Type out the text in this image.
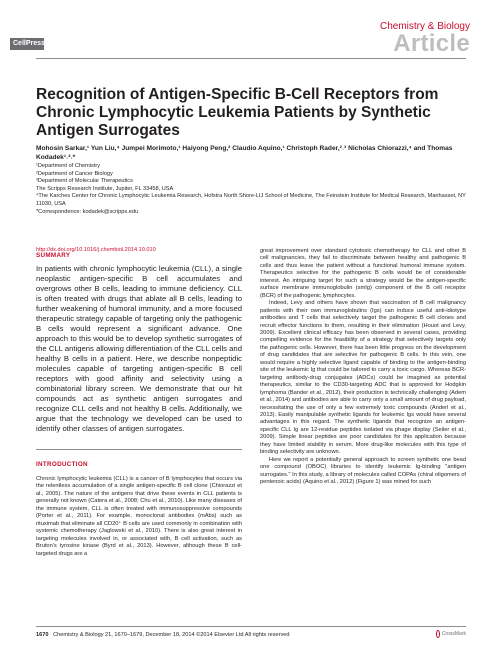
CellPress
Chemistry & Biology
Article
Recognition of Antigen-Specific B-Cell Receptors from Chronic Lymphocytic Leukemia Patients by Synthetic Antigen Surrogates
Mohosin Sarkar,¹ Yun Liu,⁴ Jumpei Morimoto,¹ Haiyong Peng,² Claudio Aquino,¹ Christoph Rader,²˒³ Nicholas Chiorazzi,⁴ and Thomas Kodadek¹˒²˒*
¹Department of Chemistry
²Department of Cancer Biology
³Department of Molecular Therapeutics
The Scripps Research Institute, Jupiter, FL 33458, USA
⁴The Karches Center for Chronic Lymphocytic Leukemia Research, Hofstra North Shore-LIJ School of Medicine, The Feinstein Institute for Medical Research, Manhasset, NY 11030, USA
*Correspondence: kodadek@scripps.edu
http://dx.doi.org/10.1016/j.chembiol.2014.10.010
SUMMARY
In patients with chronic lymphocytic leukemia (CLL), a single neoplastic antigen-specific B cell accumulates and overgrows other B cells, leading to immune deficiency. CLL is often treated with drugs that ablate all B cells, leading to further weakening of humoral immunity, and a more focused therapeutic strategy capable of targeting only the pathogenic B cells would represent a significant advance. One approach to this would be to develop synthetic surrogates of the CLL antigens allowing differentiation of the CLL cells and healthy B cells in a patient. Here, we describe nonpeptidic molecules capable of targeting antigen-specific B cell receptors with good affinity and selectivity using a combinatorial library screen. We demonstrate that our hit compounds act as synthetic antigen surrogates and recognize CLL cells and not healthy B cells. Additionally, we argue that the technology we developed can be used to identify other classes of antigen surrogates.
INTRODUCTION

Chronic lymphocytic leukemia (CLL) is a cancer of B lymphocytes that occurs via the relentless accumulation of a single antigen-specific B cell clone (Chiorazzi et al., 2005). The nature of the antigens that drive these events in CLL patients is generally not known (Catera et al., 2008; Chu et al., 2010). Like many diseases of the immune system, CLL is often treated with immunosuppressive compounds (Porter et al., 2011). For example, monoclonal antibodies (mAbs) such as rituximab that eliminate all CD20⁺ B cells are used commonly in combination with systemic chemotherapy (Jaglowski et al., 2010). There is also great interest in targeting molecules involved in, or associated with, B cell activation, such as Bruton's tyrosine kinase (Byrd et al., 2013). However, although these B cell-targeted drugs are a

great improvement over standard cytotoxic chemotherapy for CLL and other B cell malignancies, they fail to discriminate between healthy and pathogenic B cells and thus leave the patient without a functional humoral immune system. Therapeutics selective for the pathogenic B cells would be of considerable interest. An intriguing target for such a strategy would be the antigen-specific surface membrane immunoglobulin (smIg) component of the B cell receptor (BCR) of the pathogenic lymphocytes.

Indeed, Levy and others have shown that vaccination of B cell malignancy patients with their own immunoglobulins (Igs) can induce useful anti-idiotype antibodies and T cells that selectively target the pathogenic B cell clones and recruit effector functions to them, resulting in their elimination (Houot and Levy, 2009). Excellent clinical efficacy has been observed in several cases, providing compelling evidence for the feasibility of a strategy that selectively targets only the pathogenic cells. However, there has been little progress on the development of drug candidates that are selective for pathogenic B cells. In this vein, one would require a highly selective ligand capable of binding to the antigen-binding site of the leukemic Ig that could be tailored to carry a toxic cargo. Whereas BCR-targeting antibody-drug conjugates (ADCs) could be imagined as potential therapeutics, similar to the CD30-targeting ADC that is approved for Hodgkin lymphoma (Bander et al., 2012), their production is technically challenging (Adem et al., 2014) and antibodies are able to carry only a small amount of drug payload, necessitating the use of only a few extremely toxic compounds (Anderl et al., 2013). Easily manipulable synthetic ligands for leukemic Igs would have several advantages in this regard. The synthetic ligands that recognize an antigen-specific CLL Ig are 12-residue peptides isolated via phage display (Seiler et al., 2009). Simple linear peptides are poor candidates for this application because they have limited stability in serum. More drug-like molecules with this type of binding selectivity are unknown.

Here we report a potentially general approach to screen synthetic one bead one compound (OBOC) libraries to identify leukemic Ig-binding "antigen surrogates." In this study, a library of molecules called COPAs (chiral oligomers of pentenoic acids) (Aquino et al., 2012) (Figure 1) was mined for such

1670 Chemistry & Biology 21, 1670–1679, December 18, 2014 ©2014 Elsevier Ltd All rights reserved	CrossMark
